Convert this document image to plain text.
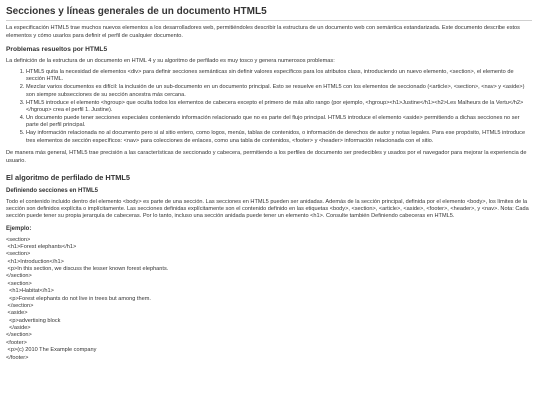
Secciones y líneas generales de un documento HTML5

La especificación HTML5 trae muchos nuevos elementos a los desarrolladores web, permitiéndoles describir la estructura de un documento web con semántica estandarizada. Este documento describe estos elementos y cómo usarlos para definir el perfil de cualquier documento.

Problemas resueltos por HTML5

La definición de la estructura de un documento en HTML 4 y su algoritmo de perfilado es muy tosco y genera numerosos problemas:

1. HTML5 quita la necesidad de elementos <div> para definir secciones semánticas sin definir valores específicos para los atributos class, introduciendo un nuevo elemento, <section>, el elemento de sección HTML.
2. Mezclar varios documentos es difícil: la inclusión de un sub-documento en un documento principal. Esto se resuelve en HTML5 con los elementos de seccionado (<article>, <section>, <nav> y <aside>) son siempre subsecciones de su sección ancestra más cercana.
3. HTML5 introduce el elemento <hgroup> que oculta todos los elementos de cabecera excepto el primero de más alto rango (por ejemplo, <hgroup><h1>Justine</h1><h2>Les Malheurs de la Vertu</h2></hgroup> crea el perfil 1. Justine).
4. Un documento puede tener secciones especiales conteniendo información relacionado que no es parte del flujo principal. HTML5 introduce el elemento <aside> permitiendo a dichas secciones no ser parte del perfil principal.
5. Hay información relacionada no al documento pero si al sitio entero, como logos, menús, tablas de contenidos, o información de derechos de autor y notas legales. Para ese propósito, HTML5 introduce tres elementos de sección específicos: <nav> para colecciones de enlaces, como una tabla de contenidos, <footer> y <header> información relacionada con el sitio.

De manera más general, HTML5 trae precisión a las características de seccionado y cabecera, permitiendo a los perfiles de documento ser predecibles y usados por el navegador para mejorar la experiencia de usuario.

El algoritmo de perfilado de HTML5
Definiendo secciones en HTML5

Todo el contenido incluido dentro del elemento <body> es parte de una sección. Las secciones en HTML5 pueden ser anidadas. Además de la sección principal, definida por el elemento <body>, los límites de la sección son definidos explícita o implícitamente. Las secciones definidas explícitamente son el contenido definido en las etiquetas <body>, <section>, <article>, <aside>, <footer>, <header>, y <nav>. Nota: Cada sección puede tener su propia jerarquía de cabeceras. Por lo tanto, incluso una sección anidada puede tener un elemento <h1>. Consulte también Definiendo cabeceras en HTML5.

Ejemplo:
<section>
<h1>Forest elephants</h1>
<section>
<h1>Introduction</h1>
<p>In this section, we discuss the lesser known forest elephants.
</section>
<section>
<h1>Habitat</h1>
<p>Forest elephants do not live in trees but among them.
</section>
<aside>
<p>advertising block
</aside>
</section>
<footer>
<p>(c) 2010 The Example company
</footer>
